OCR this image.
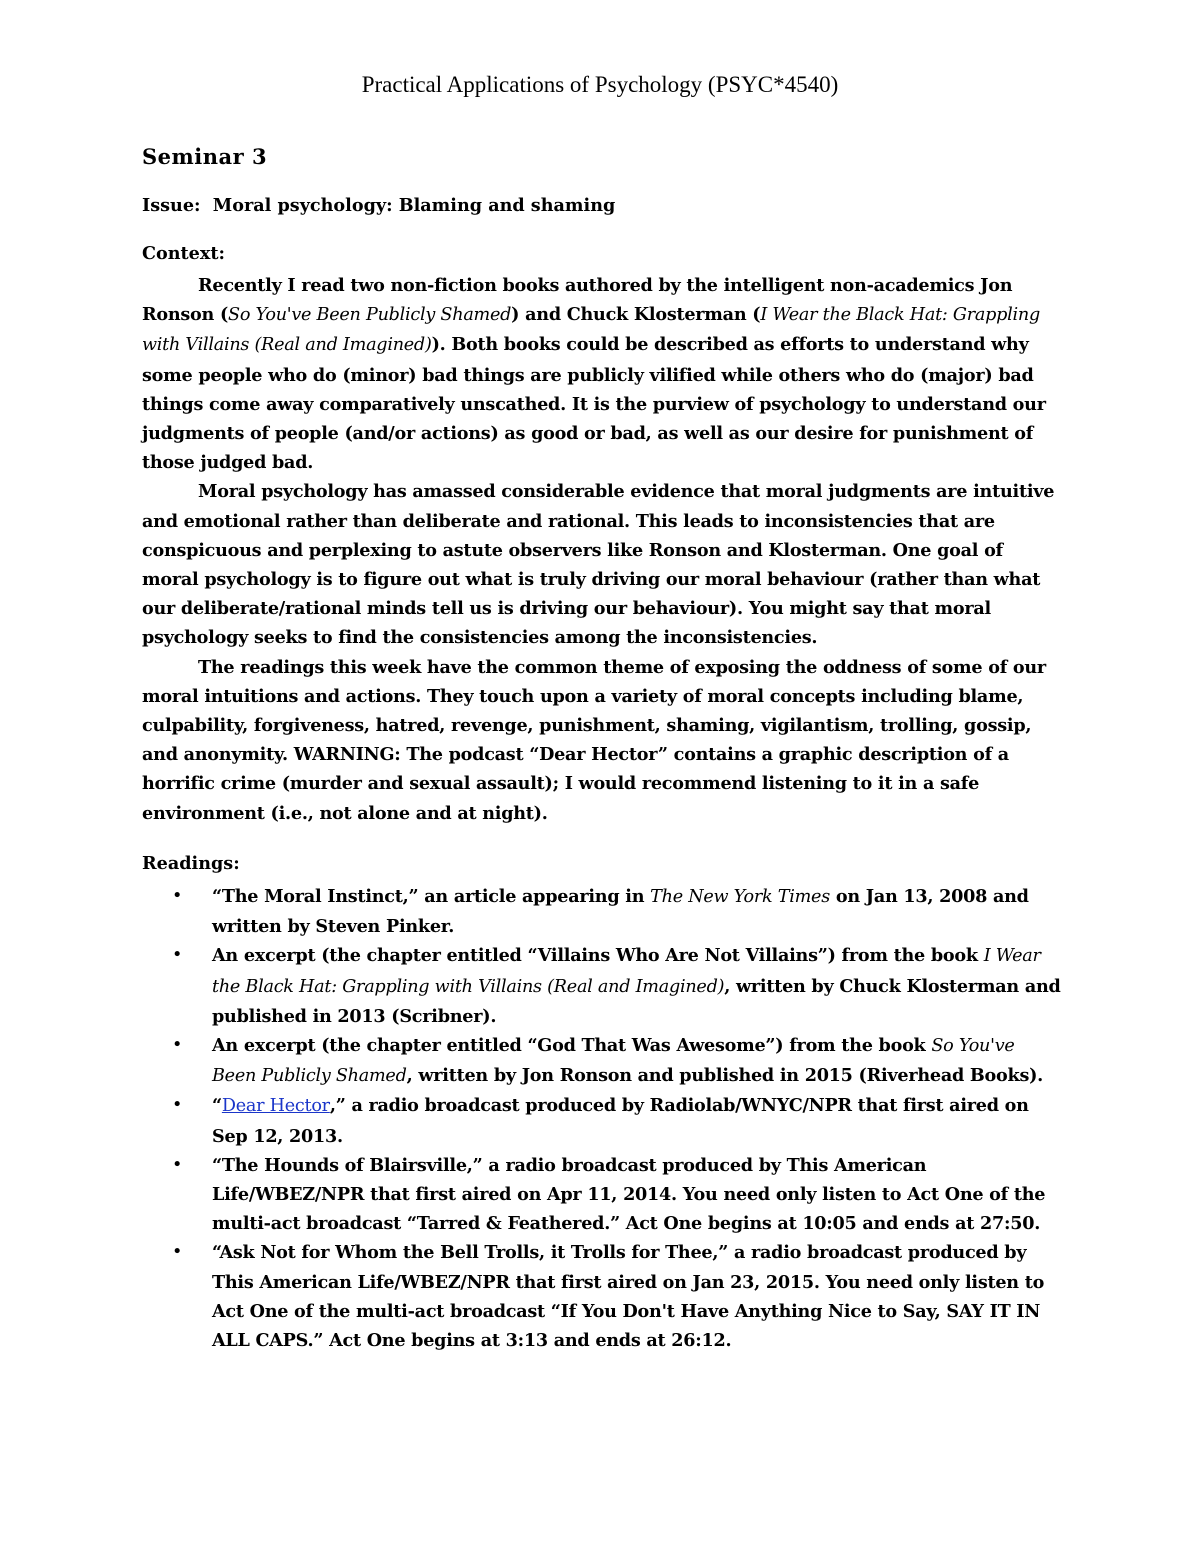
Practical Applications of Psychology (PSYC*4540)
Seminar 3
Issue: Moral psychology: Blaming and shaming
Context:

Recently I read two non-fiction books authored by the intelligent non-academics Jon Ronson (So You've Been Publicly Shamed) and Chuck Klosterman (I Wear the Black Hat: Grappling with Villains (Real and Imagined)). Both books could be described as efforts to understand why some people who do (minor) bad things are publicly vilified while others who do (major) bad things come away comparatively unscathed. It is the purview of psychology to understand our judgments of people (and/or actions) as good or bad, as well as our desire for punishment of those judged bad.

Moral psychology has amassed considerable evidence that moral judgments are intuitive and emotional rather than deliberate and rational. This leads to inconsistencies that are conspicuous and perplexing to astute observers like Ronson and Klosterman. One goal of moral psychology is to figure out what is truly driving our moral behaviour (rather than what our deliberate/rational minds tell us is driving our behaviour). You might say that moral psychology seeks to find the consistencies among the inconsistencies.

The readings this week have the common theme of exposing the oddness of some of our moral intuitions and actions. They touch upon a variety of moral concepts including blame, culpability, forgiveness, hatred, revenge, punishment, shaming, vigilantism, trolling, gossip, and anonymity. WARNING: The podcast “Dear Hector” contains a graphic description of a horrific crime (murder and sexual assault); I would recommend listening to it in a safe environment (i.e., not alone and at night).

Readings:
• “The Moral Instinct,” an article appearing in The New York Times on Jan 13, 2008 and written by Steven Pinker.
• An excerpt (the chapter entitled “Villains Who Are Not Villains”) from the book I Wear the Black Hat: Grappling with Villains (Real and Imagined), written by Chuck Klosterman and published in 2013 (Scribner).
• An excerpt (the chapter entitled “God That Was Awesome”) from the book So You've Been Publicly Shamed, written by Jon Ronson and published in 2015 (Riverhead Books).
• “Dear Hector,” a radio broadcast produced by Radiolab/WNYC/NPR that first aired on Sep 12, 2013.
• “The Hounds of Blairsville,” a radio broadcast produced by This American Life/WBEZ/NPR that first aired on Apr 11, 2014. You need only listen to Act One of the multi-act broadcast “Tarred & Feathered.” Act One begins at 10:05 and ends at 27:50.
• “Ask Not for Whom the Bell Trolls, it Trolls for Thee,” a radio broadcast produced by This American Life/WBEZ/NPR that first aired on Jan 23, 2015. You need only listen to Act One of the multi-act broadcast “If You Don't Have Anything Nice to Say, SAY IT IN ALL CAPS.” Act One begins at 3:13 and ends at 26:12.
